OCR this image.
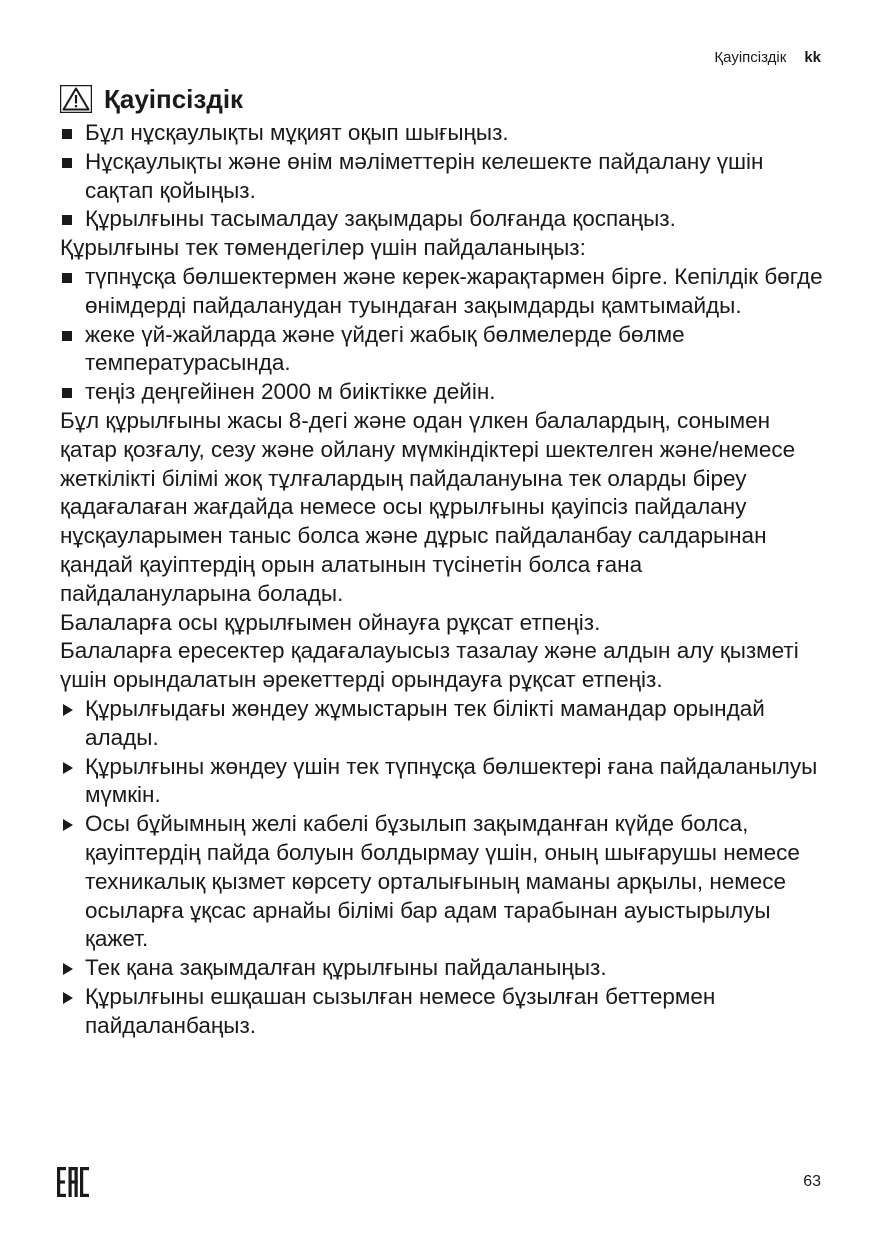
Қауіпсіздік kk
Қауіпсіздік
Бұл нұсқаулықты мұқият оқып шығыңыз.
Нұсқаулықты және өнім мәліметтерін келешекте пайдалану үшін сақтап қойыңыз.
Құрылғыны тасымалдау зақымдары болғанда қоспаңыз.

Құрылғыны тек төмендегілер үшін пайдаланыңыз:

түпнұсқа бөлшектермен және керек-жарақтармен бірге. Кепілдік бөгде өнімдерді пайдаланудан туындаған зақымдарды қамтымайды.
жеке үй-жайларда және үйдегі жабық бөлмелерде бөлме температурасында.
теңіз деңгейінен 2000 м биіктікке дейін.

Бұл құрылғыны жасы 8-дегі және одан үлкен балалардың, сонымен қатар қозғалу, сезу және ойлану мүмкіндіктері шектелген және/немесе жеткілікті білімі жоқ тұлғалардың пайдалануына тек оларды біреу қадағалаған жағдайда немесе осы құрылғыны қауіпсіз пайдалану нұсқауларымен таныс болса және дұрыс пайдаланбау салдарынан қандай қауіптердің орын алатынын түсінетін болса ғана пайдалануларына болады.

Балаларға осы құрылғымен ойнауға рұқсат етпеңіз.

Балаларға ересектер қадағалауысыз тазалау және алдын алу қызметі үшін орындалатын әрекеттерді орындауға рұқсат етпеңіз.

Құрылғыдағы жөндеу жұмыстарын тек білікті мамандар орындай алады.
Құрылғыны жөндеу үшін тек түпнұсқа бөлшектері ғана пайдаланылуы мүмкін.
Осы бұйымның желі кабелі бұзылып зақымданған күйде болса, қауіптердің пайда болуын болдырмау үшін, оның шығарушы немесе техникалық қызмет көрсету орталығының маманы арқылы, немесе осыларға ұқсас арнайы білімі бар адам тарабынан ауыстырылуы қажет.
Тек қана зақымдалған құрылғыны пайдаланыңыз.
Құрылғыны ешқашан сызылған немесе бұзылған беттермен пайдаланбаңыз.
63
